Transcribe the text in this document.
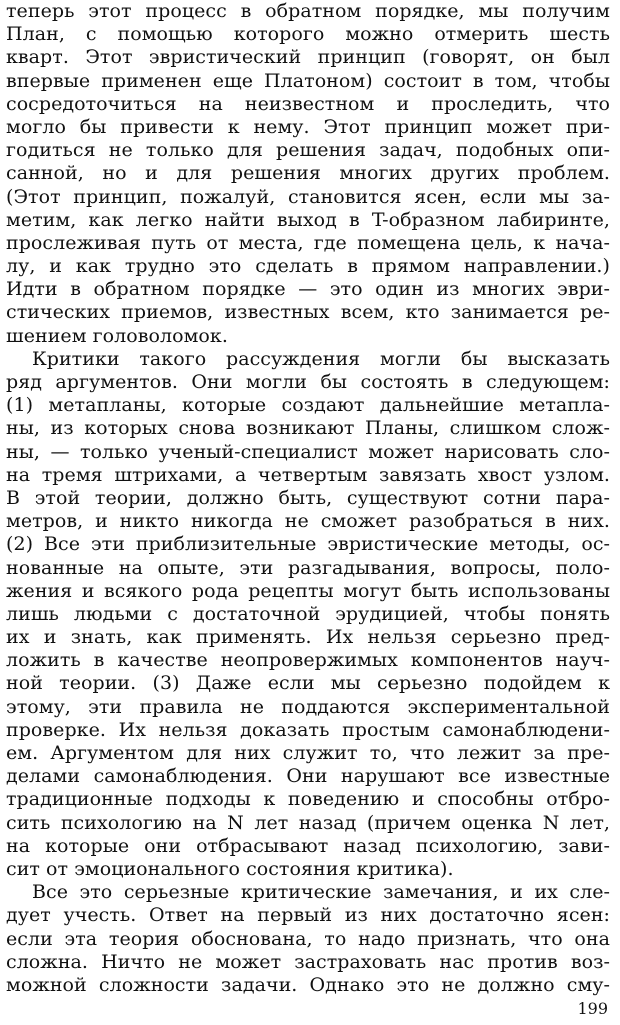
теперь этот процесс в обратном порядке, мы получим
План, с помощью которого можно отмерить шесть
кварт. Этот эвристический принцип (говорят, он был
впервые применен еще Платоном) состоит в том, чтобы
сосредоточиться на неизвестном и проследить, что
могло бы привести к нему. Этот принцип может при-
годиться не только для решения задач, подобных опи-
санной, но и для решения многих других проблем.
(Этот принцип, пожалуй, становится ясен, если мы за-
метим, как легко найти выход в T-образном лабиринте,
прослеживая путь от места, где помещена цель, к нача-
лу, и как трудно это сделать в прямом направлении.)
Идти в обратном порядке — это один из многих эври-
стических приемов, известных всем, кто занимается ре-
шением головоломок.
Критики такого рассуждения могли бы высказать
ряд аргументов. Они могли бы состоять в следующем:
(1) метапланы, которые создают дальнейшие метапла-
ны, из которых снова возникают Планы, слишком слож-
ны, — только ученый-специалист может нарисовать сло-
на тремя штрихами, а четвертым завязать хвост узлом.
В этой теории, должно быть, существуют сотни пара-
метров, и никто никогда не сможет разобраться в них.
(2) Все эти приблизительные эвристические методы, ос-
нованные на опыте, эти разгадывания, вопросы, поло-
жения и всякого рода рецепты могут быть использованы
лишь людьми с достаточной эрудицией, чтобы понять
их и знать, как применять. Их нельзя серьезно пред-
ложить в качестве неопровержимых компонентов науч-
ной теории. (3) Даже если мы серьезно подойдем к
этому, эти правила не поддаются экспериментальной
проверке. Их нельзя доказать простым самонаблюдени-
ем. Аргументом для них служит то, что лежит за пре-
делами самонаблюдения. Они нарушают все известные
традиционные подходы к поведению и способны отбро-
сить психологию на N лет назад (причем оценка N лет,
на которые они отбрасывают назад психологию, зави-
сит от эмоционального состояния критика).
Все это серьезные критические замечания, и их сле-
дует учесть. Ответ на первый из них достаточно ясен:
если эта теория обоснована, то надо признать, что она
сложна. Ничто не может застраховать нас против воз-
можной сложности задачи. Однако это не должно сму-
199
